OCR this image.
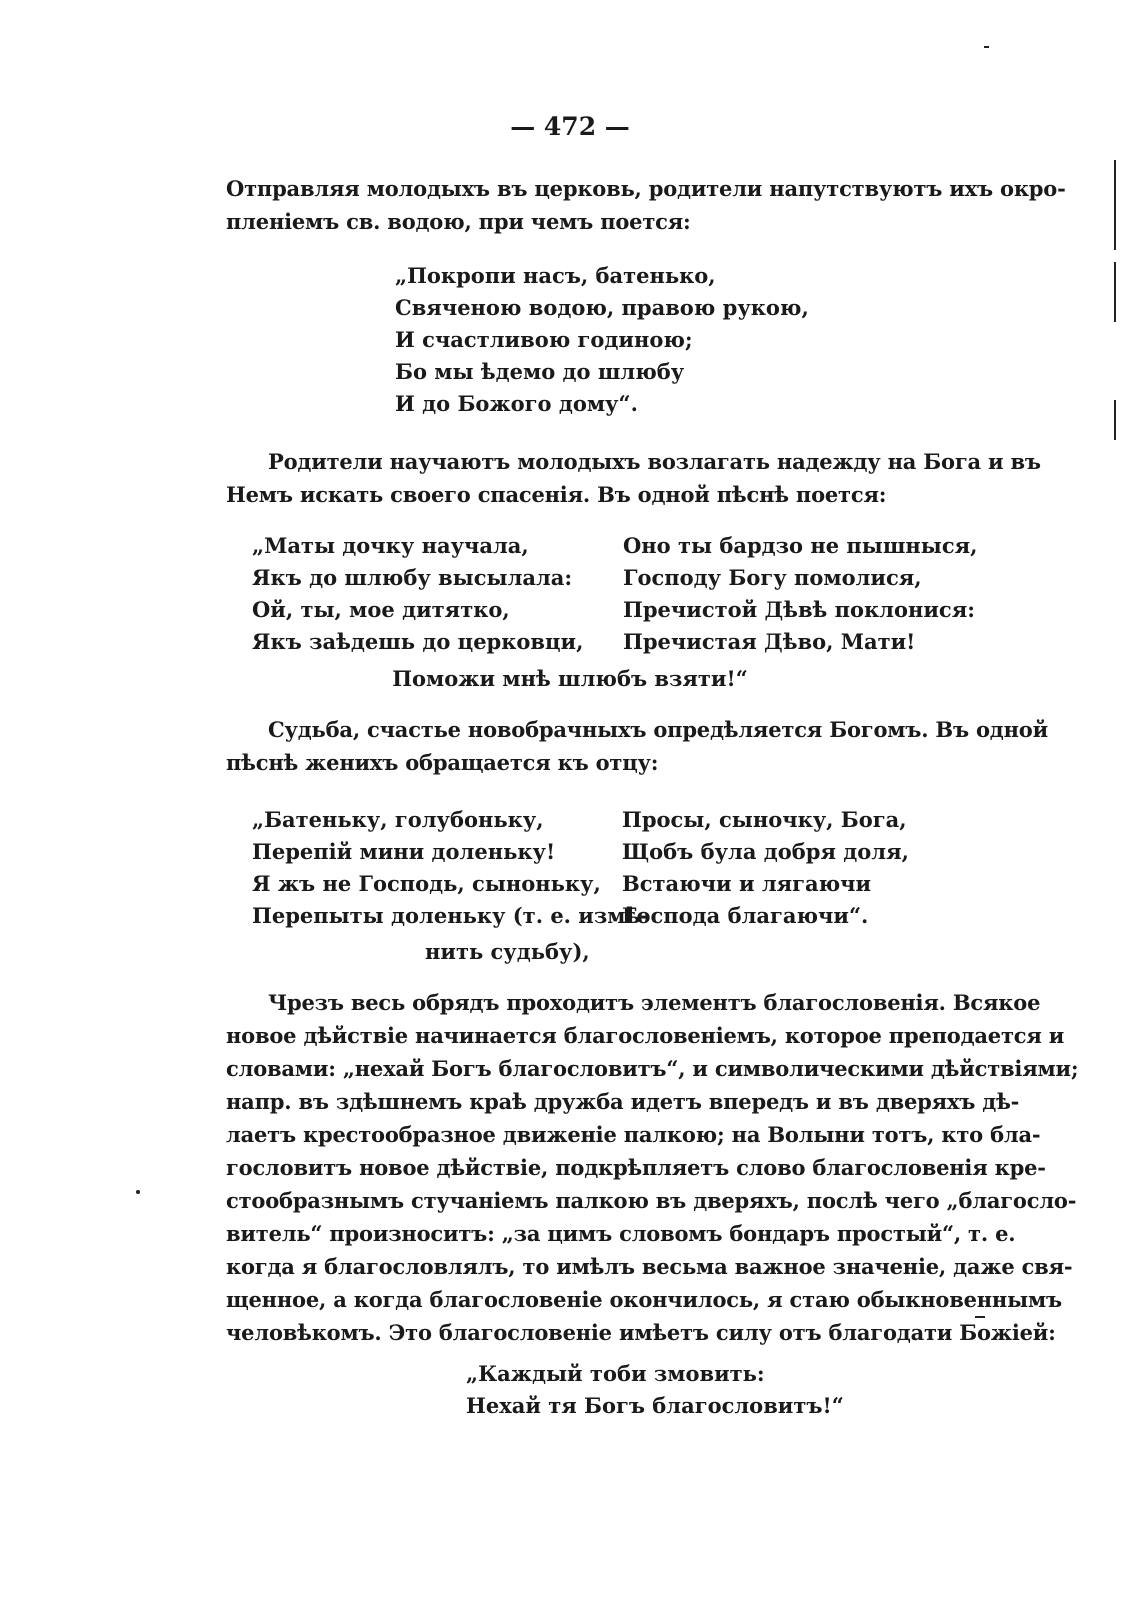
— 472 —
Отправляя молодыхъ въ церковь, родители напутствуютъ ихъ окро-
пленіемъ св. водою, при чемъ поется:
„Покропи насъ, батенько,
Свяченою водою, правою рукою,
И счастливою годиною;
Бо мы ѣдемо до шлюбу
И до Божого дому“.
Родители научаютъ молодыхъ возлагать надежду на Бога и въ
Немъ искать своего спасенія. Въ одной пѣснѣ поется:
„Маты дочку научала,
Якъ до шлюбу высылала:
Ой, ты, мое дитятко,
Якъ заѣдешь до церковци,
Оно ты бардзо не пышныся,
Господу Богу помолися,
Пречистой Дѣвѣ поклонися:
Пречистая Дѣво, Мати!
Поможи мнѣ шлюбъ взяти!“
Судьба, счастье новобрачныхъ опредѣляется Богомъ. Въ одной
пѣснѣ женихъ обращается къ отцу:
„Батеньку, голубоньку,
Перепій мини доленьку!
Я жъ не Господь, сыноньку,
Перепыты доленьку (т. е. измѣ-
Просы, сыночку, Бога,
Щобъ була добря доля,
Встаючи и лягаючи
Господа благаючи“.
нить судьбу),
Чрезъ весь обрядъ проходитъ элементъ благословенія. Всякое
новое дѣйствіе начинается благословеніемъ, которое преподается и
словами: „нехай Богъ благословитъ“, и символическими дѣйствіями;
напр. въ здѣшнемъ краѣ дружба идетъ впередъ и въ дверяхъ дѣ-
лаетъ крестообразное движеніе палкою; на Волыни тотъ, кто бла-
гословитъ новое дѣйствіе, подкрѣпляетъ слово благословенія кре-
стообразнымъ стучаніемъ палкою въ дверяхъ, послѣ чего „благосло-
витель“ произноситъ: „за цимъ словомъ бондаръ простый“, т. е.
когда я благословлялъ, то имѣлъ весьма важное значеніе, даже свя-
щенное, а когда благословеніе окончилось, я стаю обыкновеннымъ
человѣкомъ. Это благословеніе имѣетъ силу отъ благодати Божіей:
„Каждый тоби змовить:
Нехай тя Богъ благословитъ!“
